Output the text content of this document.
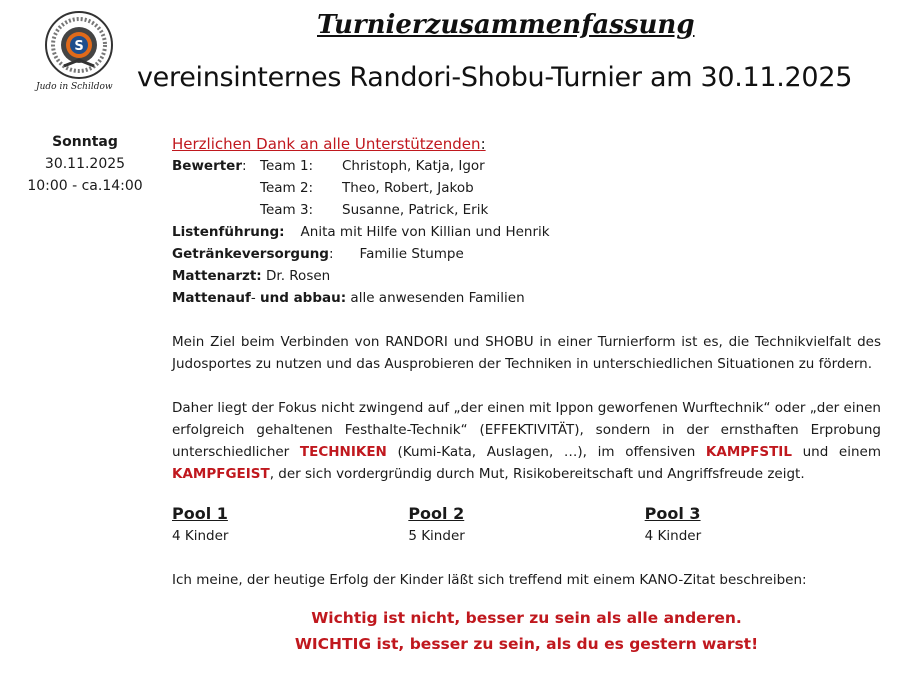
S
Judo in Schildow
Turnierzusammenfassung
vereinsinternes Randori-Shobu-Turnier am 30.11.2025
Sonntag
30.11.2025
10:00 - ca.14:00
Herzlichen Dank an alle Unterstützenden:
Bewerter: Team 1: Christoph, Katja, Igor
Team 2: Theo, Robert, Jakob
Team 3: Susanne, Patrick, Erik
Listenführung: Anita mit Hilfe von Killian und Henrik
Getränkeversorgung: Familie Stumpe
Mattenarzt: Dr. Rosen
Mattenauf- und abbau: alle anwesenden Familien
Mein Ziel beim Verbinden von RANDORI und SHOBU in einer Turnierform ist es, die Technikvielfalt des Judosportes zu nutzen und das Ausprobieren der Techniken in unterschiedlichen Situationen zu fördern.
Daher liegt der Fokus nicht zwingend auf „der einen mit Ippon geworfenen Wurftechnik“ oder „der einen erfolgreich gehaltenen Festhalte-Technik“ (EFFEKTIVITÄT), sondern in der ernsthaften Erprobung unterschiedlicher TECHNIKEN (Kumi-Kata, Auslagen, …), im offensiven KAMPFSTIL und einem KAMPFGEIST, der sich vordergründig durch Mut, Risikobereitschaft und Angriffsfreude zeigt.
Pool 1
4 Kinder
Pool 2
5 Kinder
Pool 3
4 Kinder
Ich meine, der heutige Erfolg der Kinder läßt sich treffend mit einem KANO-Zitat beschreiben:
Wichtig ist nicht, besser zu sein als alle anderen.
WICHTIG ist, besser zu sein, als du es gestern warst!
